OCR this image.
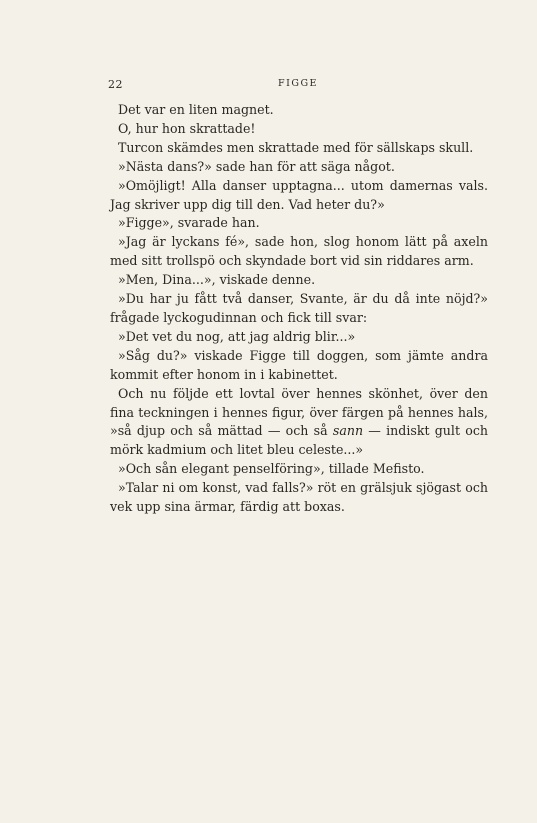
22	FIGGE

Det var en liten magnet.

O, hur hon skrattade!

Turcon skämdes men skrattade med för sällskaps skull.

»Nästa dans?» sade han för att säga något.

»Omöjligt! Alla danser upptagna... utom damernas vals. Jag skriver upp dig till den. Vad heter du?»

»Figge», svarade han.

»Jag är lyckans fé», sade hon, slog honom lätt på axeln med sitt trollspö och skyndade bort vid sin riddares arm.

»Men, Dina...», viskade denne.

»Du har ju fått två danser, Svante, är du då inte nöjd?» frågade lyckogudinnan och fick till svar:

»Det vet du nog, att jag aldrig blir...»

»Såg du?» viskade Figge till doggen, som jämte andra kommit efter honom in i kabinettet.

Och nu följde ett lovtal över hennes skönhet, över den fina teckningen i hennes figur, över färgen på hennes hals, »så djup och så mättad — och så sann — indiskt gult och mörk kadmium och litet bleu celeste...»

»Och sån elegant penselföring», tillade Mefisto.

»Talar ni om konst, vad falls?» röt en grälsjuk sjögast och vek upp sina ärmar, färdig att boxas.
